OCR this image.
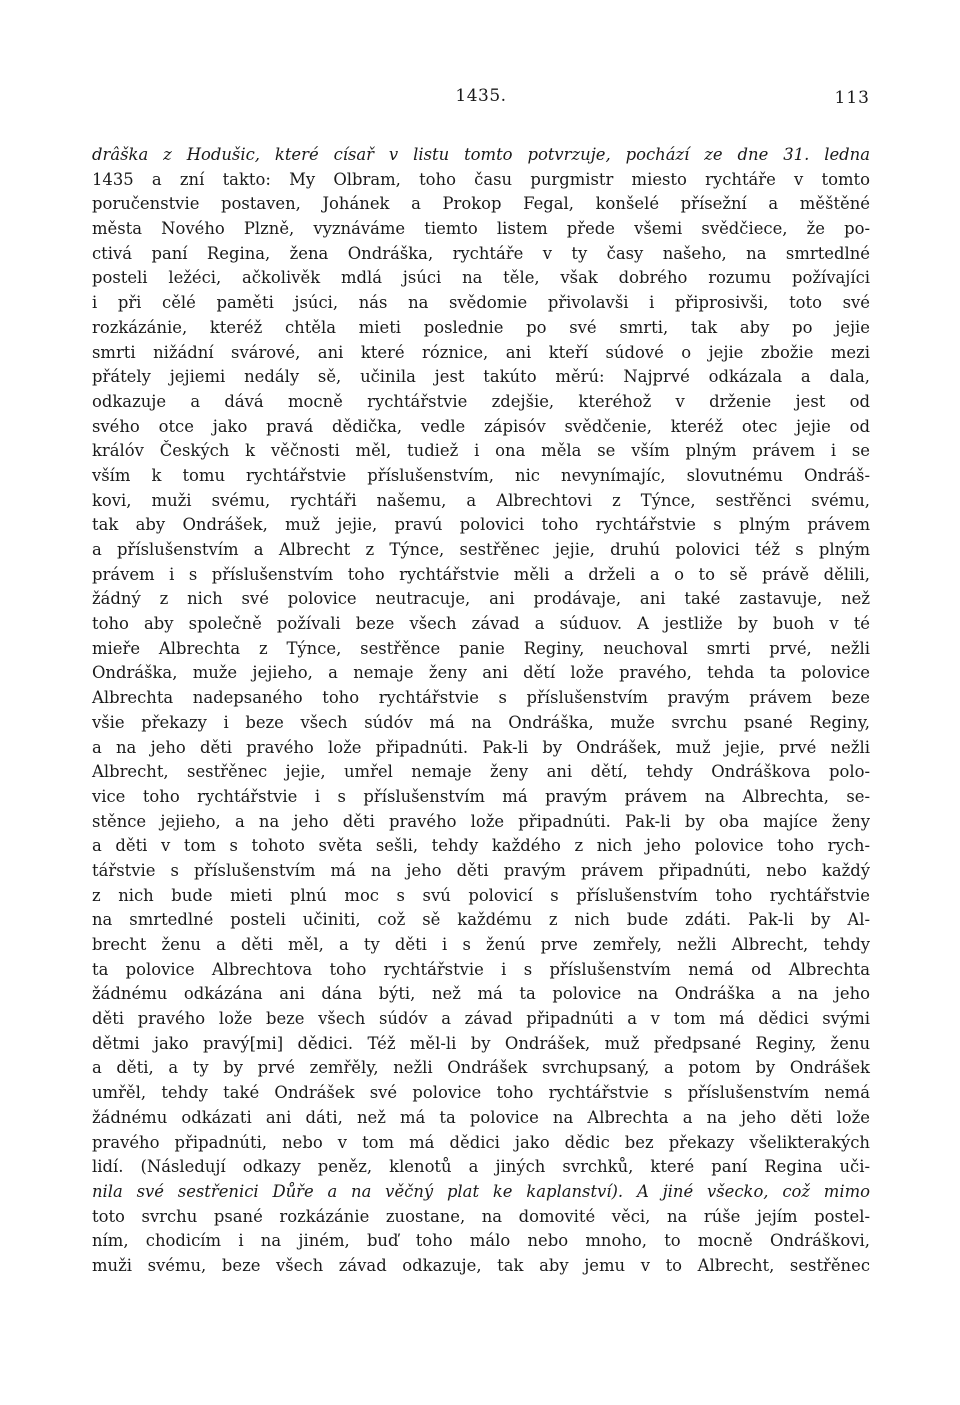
1435.	113
drâška z Hodušic, které císař v listu tomto potvrzuje, pochází ze dne 31. ledna
1435 a zní takto: My Olbram, toho času purgmistr miesto rychtáře v tomto
poručenstvie postaven, Johánek a Prokop Fegal, konšelé přísežní a měštěné
města Nového Plzně, vyznáváme tiemto listem přede všemi svědčiece, že po-
ctivá paní Regina, žena Ondráška, rychtáře v ty časy našeho, na smrtedlné
posteli ležéci, ačkolivěk mdlá jsúci na těle, však dobrého rozumu požívajíci
i při cělé paměti jsúci, nás na svědomie přivolavši i připrosivši, toto své
rozkázánie, kteréž chtěla mieti poslednie po své smrti, tak aby po jejie
smrti nižádní svárové, ani které róznice, ani kteří súdové o jejie zbožie mezi
přátely jejiemi nedály sě, učinila jest takúto měrú: Najprvé odkázala a dala,
odkazuje a dává mocně rychtářstvie zdejšie, kteréhož v drženie jest od
svého otce jako pravá dědička, vedle zápisóv svědčenie, kteréž otec jejie od
králóv Českých k věčnosti měl, tudiež i ona měla se vším plným právem i se
vším k tomu rychtářstvie příslušenstvím, nic nevynímajíc, slovutnému Ondráš-
kovi, muži svému, rychtáři našemu, a Albrechtovi z Týnce, sestřěnci svému,
tak aby Ondrášek, muž jejie, pravú polovici toho rychtářstvie s plným právem
a příslušenstvím a Albrecht z Týnce, sestřěnec jejie, druhú polovici též s plným
právem i s příslušenstvím toho rychtářstvie měli a drželi a o to sě právě dělili,
žádný z nich své polovice neutracuje, ani prodávaje, ani také zastavuje, než
toho aby společně požívali beze všech závad a súduov. A jestliže by buoh v té
mieře Albrechta z Týnce, sestřěnce panie Reginy, neuchoval smrti prvé, nežli
Ondráška, muže jejieho, a nemaje ženy ani dětí lože pravého, tehda ta polovice
Albrechta nadepsaného toho rychtářstvie s příslušenstvím pravým právem beze
všie překazy i beze všech súdóv má na Ondráška, muže svrchu psané Reginy,
a na jeho děti pravého lože připadnúti. Pak-li by Ondrášek, muž jejie, prvé nežli
Albrecht, sestřěnec jejie, umřel nemaje ženy ani dětí, tehdy Ondráškova polo-
vice toho rychtářstvie i s příslušenstvím má pravým právem na Albrechta, se-
stěnce jejieho, a na jeho děti pravého lože připadnúti. Pak-li by oba majíce ženy
a děti v tom s tohoto světa sešli, tehdy každého z nich jeho polovice toho rych-
tářstvie s příslušenstvím má na jeho děti pravým právem připadnúti, nebo každý
z nich bude mieti plnú moc s svú polovicí s příslušenstvím toho rychtářstvie
na smrtedlné posteli učiniti, což sě každému z nich bude zdáti. Pak-li by Al-
brecht ženu a děti měl, a ty děti i s ženú prve zemřely, nežli Albrecht, tehdy
ta polovice Albrechtova toho rychtářstvie i s příslušenstvím nemá od Albrechta
žádnému odkázána ani dána býti, než má ta polovice na Ondráška a na jeho
děti pravého lože beze všech súdóv a závad připadnúti a v tom má dědici svými
dětmi jako pravý[mi] dědici. Též měl-li by Ondrášek, muž předpsané Reginy, ženu
a děti, a ty by prvé zemřěly, nežli Ondrášek svrchupsaný, a potom by Ondrášek
umřěl, tehdy také Ondrášek své polovice toho rychtářstvie s příslušenstvím nemá
žádnému odkázati ani dáti, než má ta polovice na Albrechta a na jeho děti lože
pravého připadnúti, nebo v tom má dědici jako dědic bez překazy všelikterakých
lidí. (Následují odkazy peněz, klenotů a jiných svrchků, které paní Regina uči-
nila své sestřenici Důře a na věčný plat ke kaplanství). A jiné všecko, což mimo
toto svrchu psané rozkázánie zuostane, na domovité věci, na rúše jejím postel-
ním, chodicím i na jiném, buď toho málo nebo mnoho, to mocně Ondráškovi,
muži svému, beze všech závad odkazuje, tak aby jemu v to Albrecht, sestřěnec
